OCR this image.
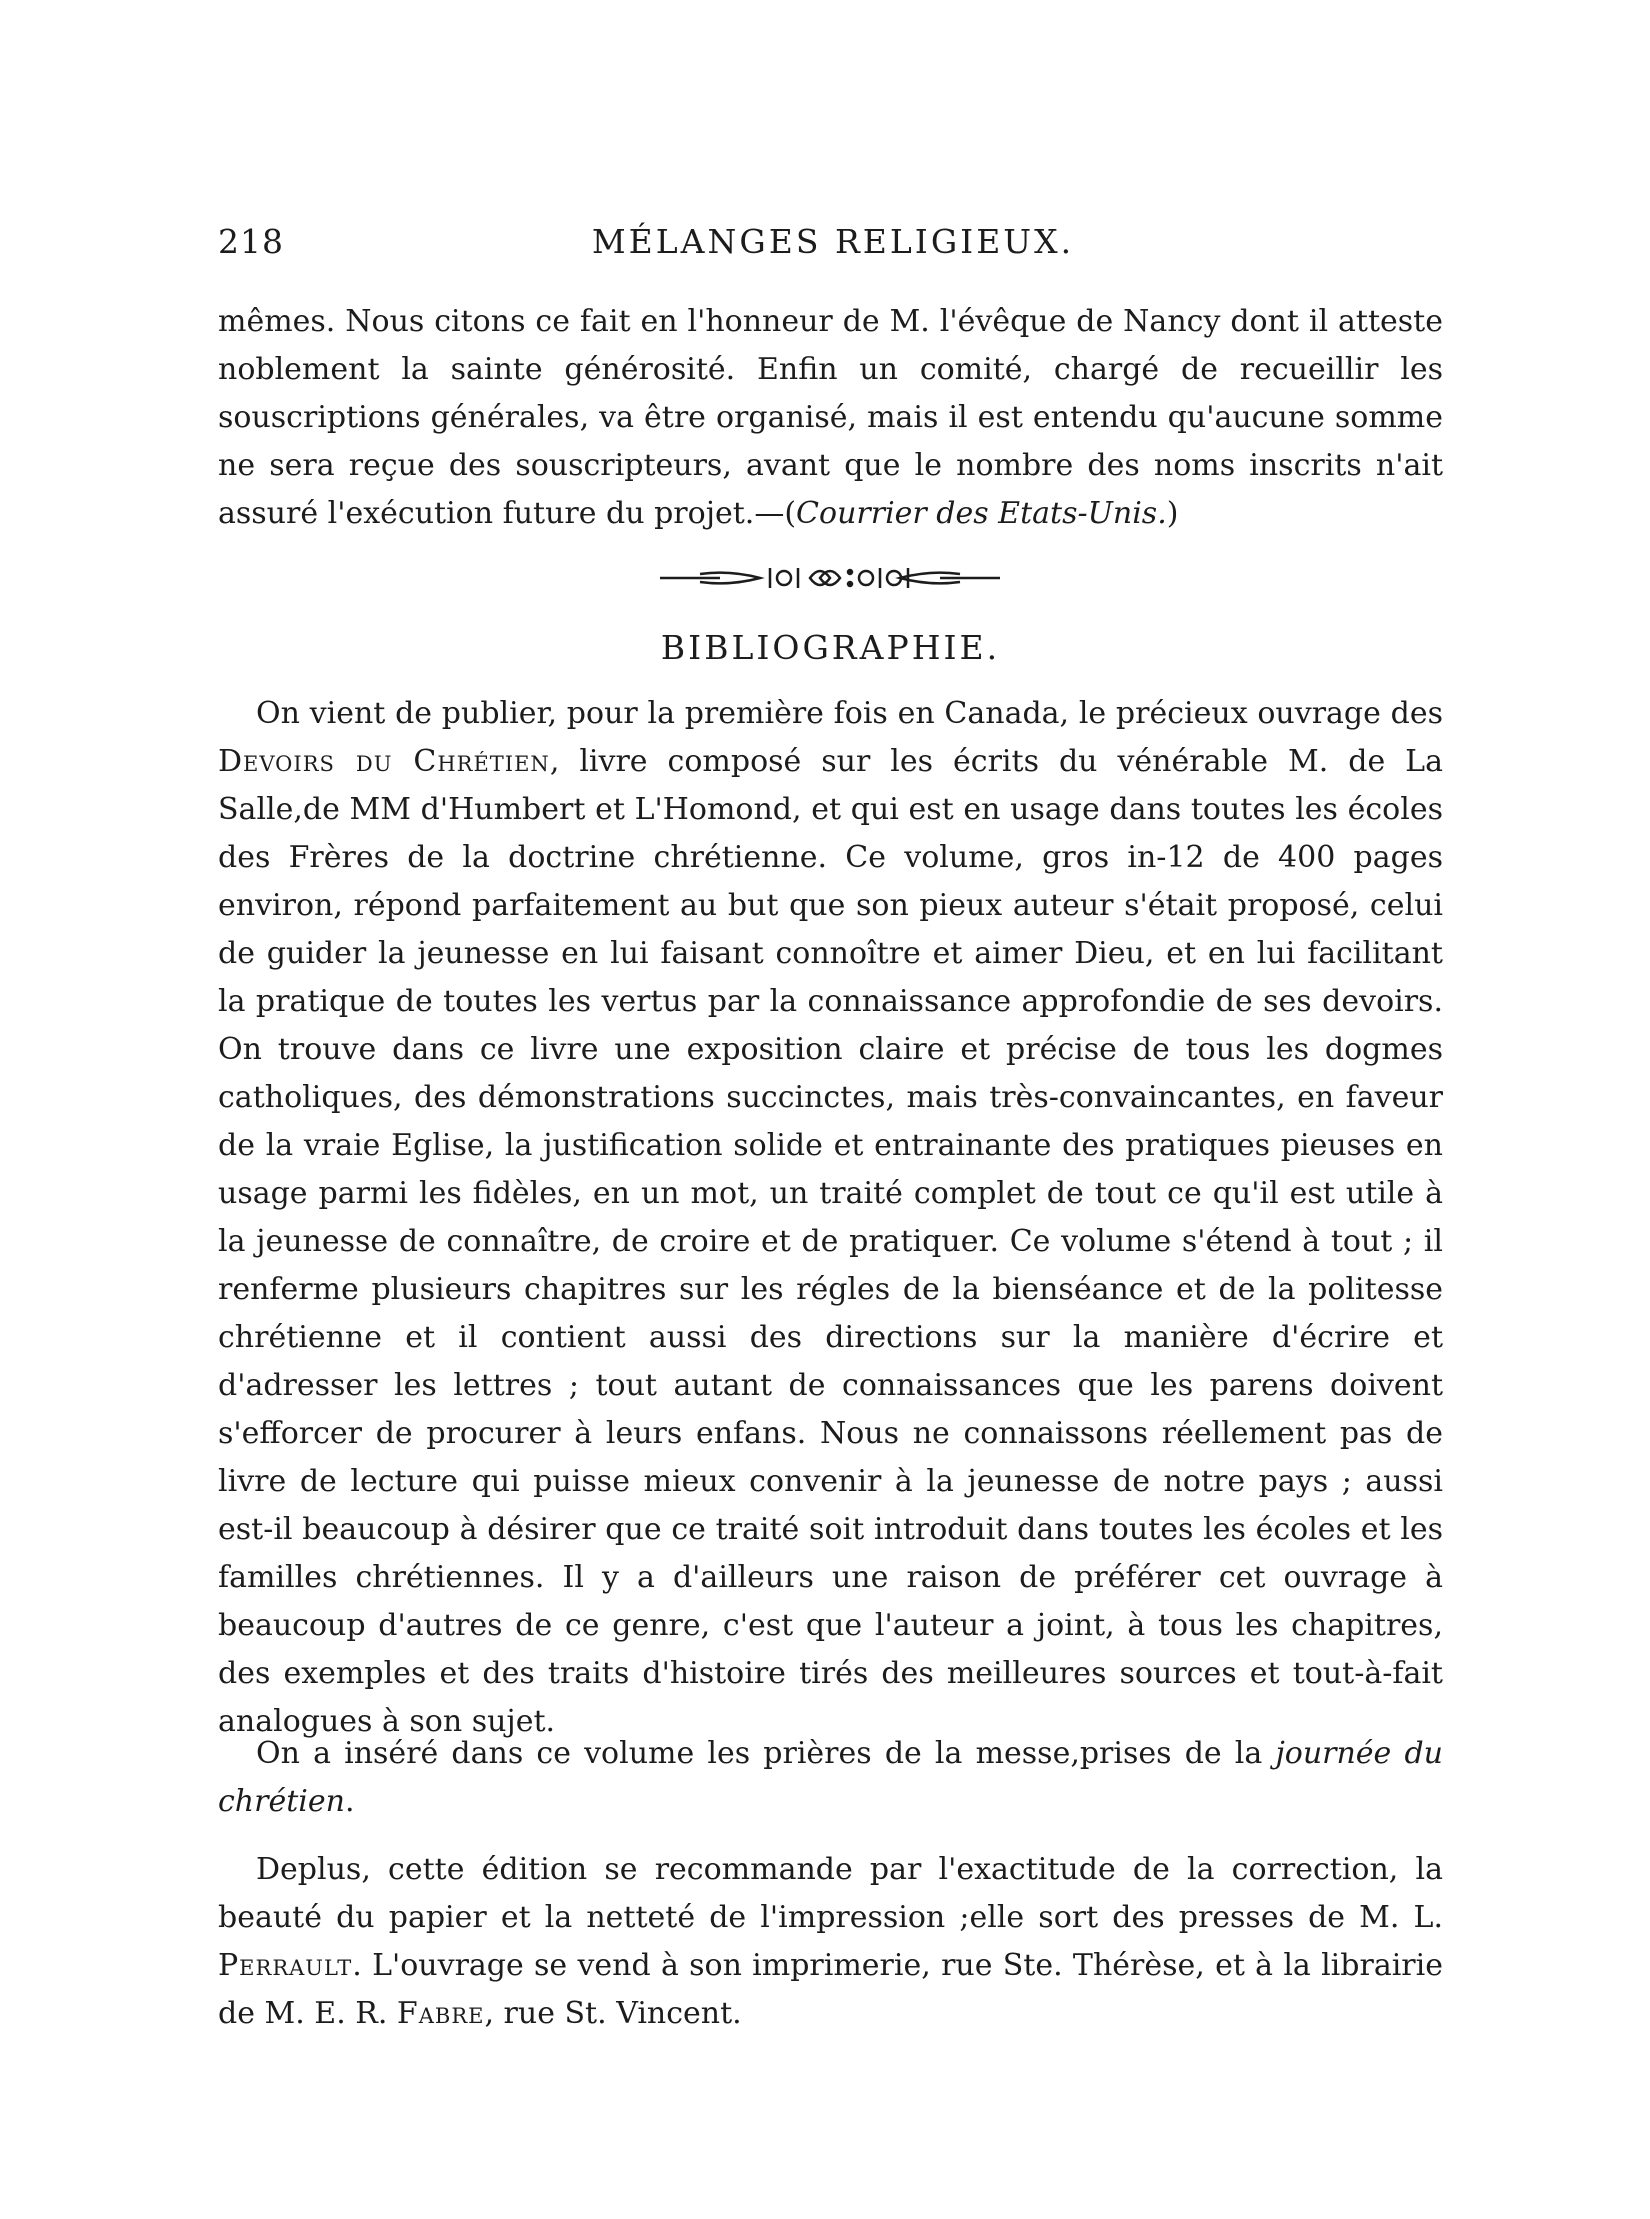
218	MÉLANGES RELIGIEUX.

mêmes. Nous citons ce fait en l'honneur de M. l'évêque de Nancy dont il atteste noblement la sainte générosité. Enfin un comité, chargé de recueillir les souscriptions générales, va être organisé, mais il est entendu qu'aucune somme ne sera reçue des souscripteurs, avant que le nombre des noms inscrits n'ait assuré l'exécution future du projet.—(Courrier des Etats-Unis.)

BIBLIOGRAPHIE.

On vient de publier, pour la première fois en Canada, le précieux ouvrage des Devoirs du Chrétien, livre composé sur les écrits du vénérable M. de La Salle,de MM d'Humbert et L'Homond, et qui est en usage dans toutes les écoles des Frères de la doctrine chrétienne. Ce volume, gros in-12 de 400 pages environ, répond parfaitement au but que son pieux auteur s'était proposé, celui de guider la jeunesse en lui faisant connoître et aimer Dieu, et en lui facilitant la pratique de toutes les vertus par la connaissance approfondie de ses devoirs. On trouve dans ce livre une exposition claire et précise de tous les dogmes catholiques, des démonstrations succinctes, mais très-convaincantes, en faveur de la vraie Eglise, la justification solide et entrainante des pratiques pieuses en usage parmi les fidèles, en un mot, un traité complet de tout ce qu'il est utile à la jeunesse de connaître, de croire et de pratiquer. Ce volume s'étend à tout ; il renferme plusieurs chapitres sur les régles de la bienséance et de la politesse chrétienne et il contient aussi des directions sur la manière d'écrire et d'adresser les lettres ; tout autant de connaissances que les parens doivent s'efforcer de procurer à leurs enfans. Nous ne connaissons réellement pas de livre de lecture qui puisse mieux convenir à la jeunesse de notre pays ; aussi est-il beaucoup à désirer que ce traité soit introduit dans toutes les écoles et les familles chrétiennes. Il y a d'ailleurs une raison de préférer cet ouvrage à beaucoup d'autres de ce genre, c'est que l'auteur a joint, à tous les chapitres, des exemples et des traits d'histoire tirés des meilleures sources et tout-à-fait analogues à son sujet.

On a inséré dans ce volume les prières de la messe,prises de la journée du chrétien.

Deplus, cette édition se recommande par l'exactitude de la correction, la beauté du papier et la netteté de l'impression ;elle sort des presses de M. L. Perrault. L'ouvrage se vend à son imprimerie, rue Ste. Thérèse, et à la librairie de M. E. R. Fabre, rue St. Vincent.
